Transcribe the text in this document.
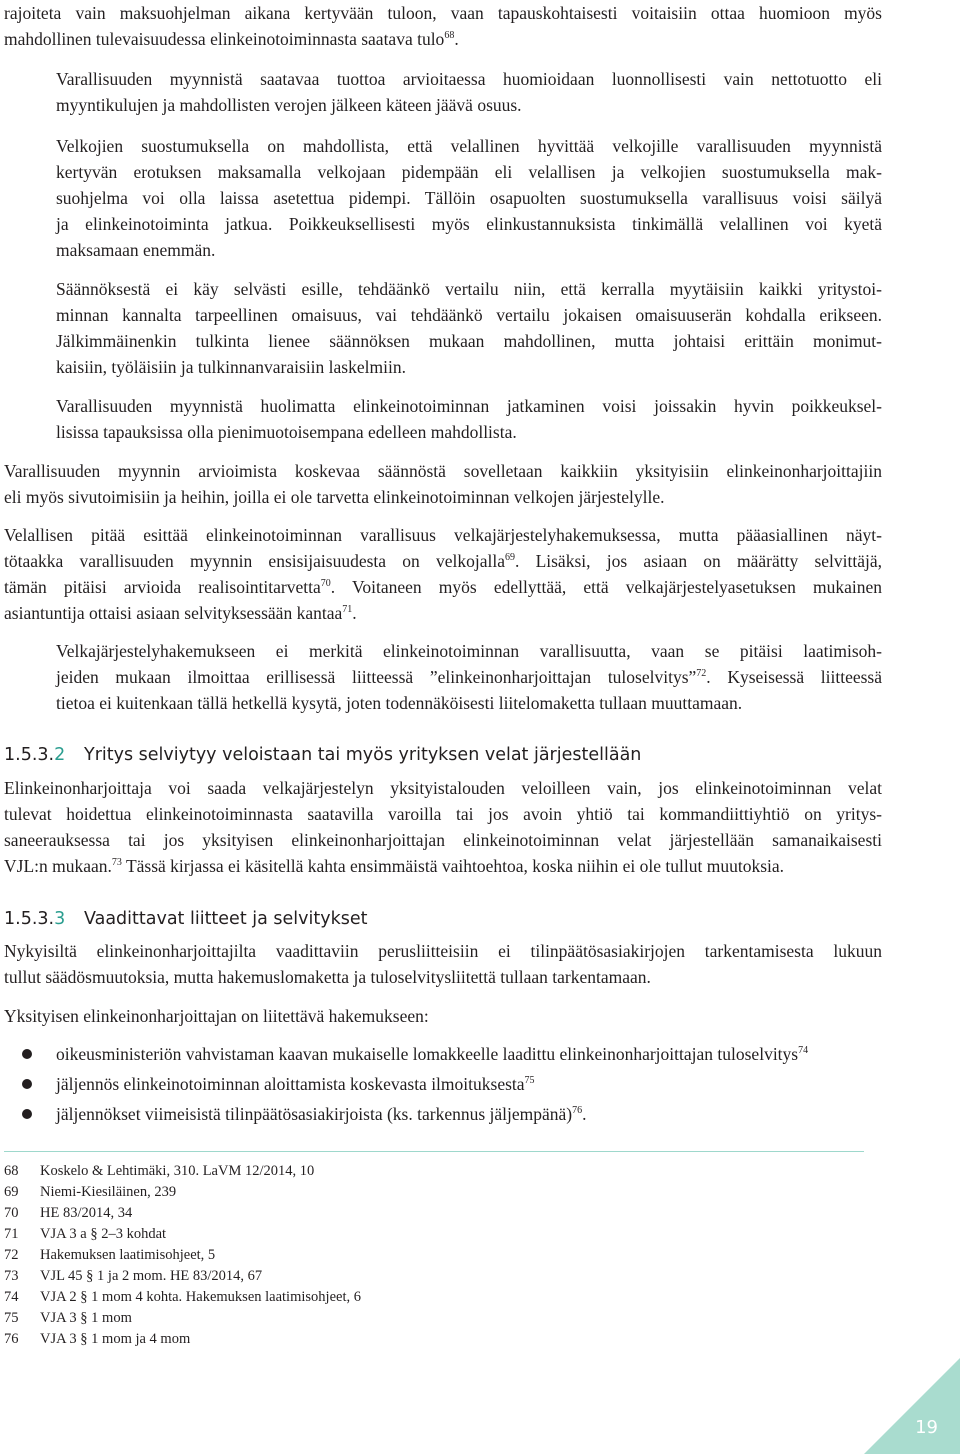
rajoiteta vain maksuohjelman aikana kertyvään tuloon, vaan tapauskohtaisesti voitaisiin ottaa huomioon myös
mahdollinen tulevaisuudessa elinkeinotoiminnasta saatava tulo$^{68}$.
Varallisuuden myynnistä saatavaa tuottoa arvioitaessa huomioidaan luonnollisesti vain nettotuotto eli
myyntikulujen ja mahdollisten verojen jälkeen käteen jäävä osuus.
Velkojien suostumuksella on mahdollista, että velallinen hyvittää velkojille varallisuuden myynnistä
kertyvän erotuksen maksamalla velkojaan pidempään eli velallisen ja velkojien suostumuksella mak-
suohjelma voi olla laissa asetettua pidempi. Tällöin osapuolten suostumuksella varallisuus voisi säilyä
ja elinkeinotoiminta jatkua. Poikkeuksellisesti myös elinkustannuksista tinkimällä velallinen voi kyetä
maksamaan enemmän.
Säännöksestä ei käy selvästi esille, tehdäänkö vertailu niin, että kerralla myytäisiin kaikki yritystoi-
minnan kannalta tarpeellinen omaisuus, vai tehdäänkö vertailu jokaisen omaisuuserän kohdalla erikseen.
Jälkimmäinenkin tulkinta lienee säännöksen mukaan mahdollinen, mutta johtaisi erittäin monimut-
kaisiin, työläisiin ja tulkinnanvaraisiin laskelmiin.
Varallisuuden myynnistä huolimatta elinkeinotoiminnan jatkaminen voisi joissakin hyvin poikkeuksel-
lisissa tapauksissa olla pienimuotoisempana edelleen mahdollista.
Varallisuuden myynnin arvioimista koskevaa säännöstä sovelletaan kaikkiin yksityisiin elinkeinonharjoittajiin
eli myös sivutoimisiin ja heihin, joilla ei ole tarvetta elinkeinotoiminnan velkojen järjestelylle.
Velallisen pitää esittää elinkeinotoiminnan varallisuus velkajärjestelyhakemuksessa, mutta pääasiallinen näyt-
tötaakka varallisuuden myynnin ensisijaisuudesta on velkojalla$^{69}$. Lisäksi, jos asiaan on määrätty selvittäjä,
tämän pitäisi arvioida realisointitarvetta$^{70}$. Voitaneen myös edellyttää, että velkajärjestelyasetuksen mukainen
asiantuntija ottaisi asiaan selvityksessään kantaa$^{71}$.
Velkajärjestelyhakemukseen ei merkitä elinkeinotoiminnan varallisuutta, vaan se pitäisi laatimisoh-
jeiden mukaan ilmoittaa erillisessä liitteessä ”elinkeinonharjoittajan tuloselvitys”$^{72}$. Kyseisessä liitteessä
tietoa ei kuitenkaan tällä hetkellä kysytä, joten todennäköisesti liitelomaketta tullaan muuttamaan.
1.5.3.2 Yritys selviytyy veloistaan tai myös yrityksen velat järjestellään
Elinkeinonharjoittaja voi saada velkajärjestelyn yksityistalouden veloilleen vain, jos elinkeinotoiminnan velat
tulevat hoidettua elinkeinotoiminnasta saatavilla varoilla tai jos avoin yhtiö tai kommandiittiyhtiö on yritys-
saneerauksessa tai jos yksityisen elinkeinonharjoittajan elinkeinotoiminnan velat järjestellään samanaikaisesti
VJL:n mukaan.$^{73}$ Tässä kirjassa ei käsitellä kahta ensimmäistä vaihtoehtoa, koska niihin ei ole tullut muutoksia.
1.5.3.3 Vaadittavat liitteet ja selvitykset
Nykyisiltä elinkeinonharjoittajilta vaadittaviin perusliitteisiin ei tilinpäätösasiakirjojen tarkentamisesta lukuun
tullut säädösmuutoksia, mutta hakemuslomaketta ja tuloselvitysliitettä tullaan tarkentamaan.
Yksityisen elinkeinonharjoittajan on liitettävä hakemukseen:
oikeusministeriön vahvistaman kaavan mukaiselle lomakkeelle laadittu elinkeinonharjoittajan tuloselvitys$^{74}$
jäljennös elinkeinotoiminnan aloittamista koskevasta ilmoituksesta$^{75}$
jäljennökset viimeisistä tilinpäätösasiakirjoista (ks. tarkennus jäljempänä)$^{76}$.
68 Koskelo & Lehtimäki, 310. LaVM 12/2014, 10
69 Niemi-Kiesiläinen, 239
70 HE 83/2014, 34
71 VJA 3 a § 2–3 kohdat
72 Hakemuksen laatimisohjeet, 5
73 VJL 45 § 1 ja 2 mom. HE 83/2014, 67
74 VJA 2 § 1 mom 4 kohta. Hakemuksen laatimisohjeet, 6
75 VJA 3 § 1 mom
76 VJA 3 § 1 mom ja 4 mom
19
